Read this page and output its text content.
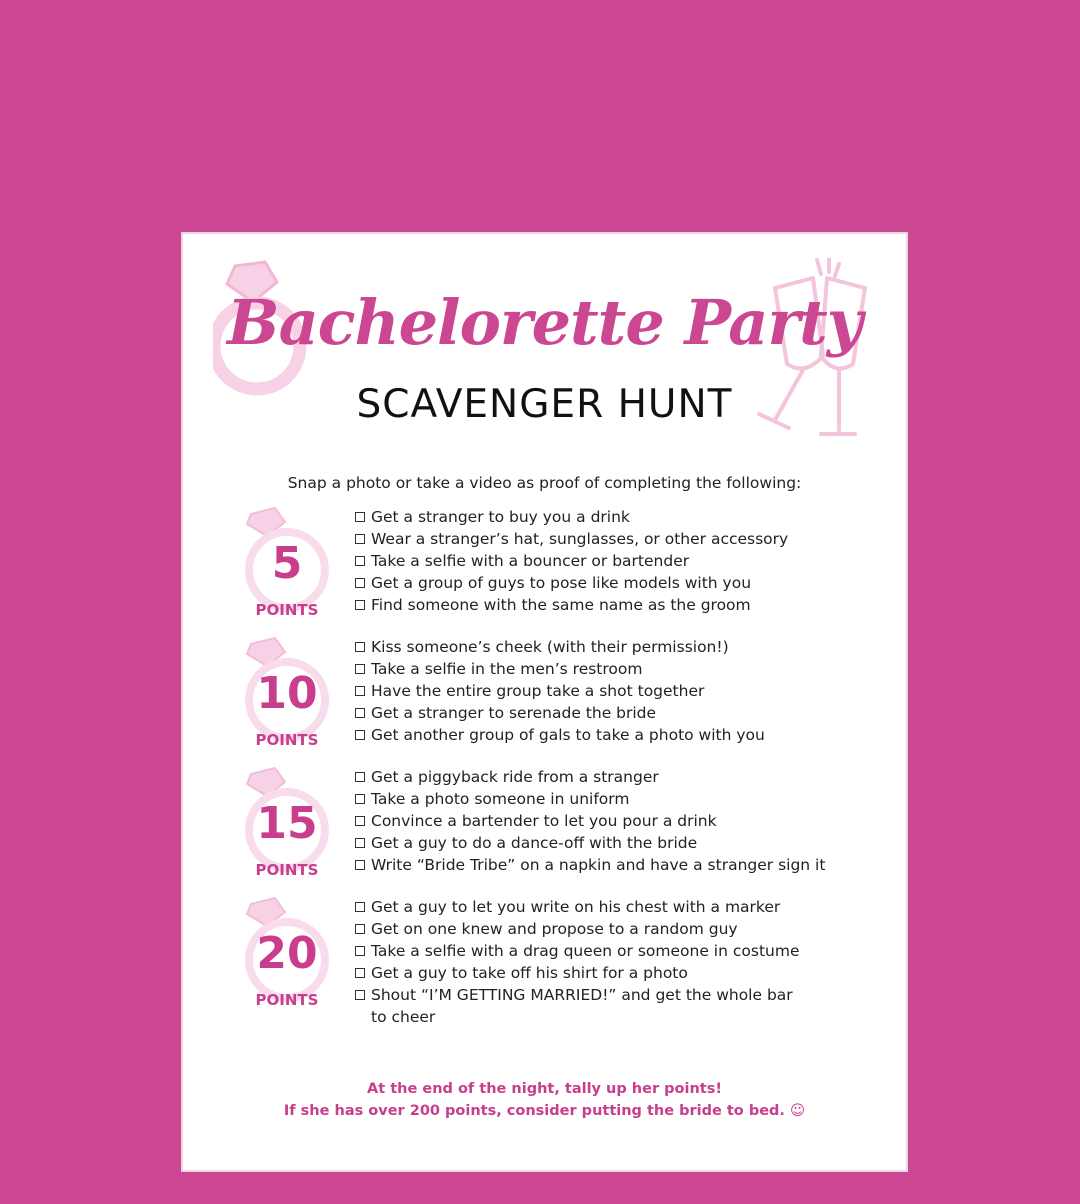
Bachelorette Party
SCAVENGER HUNT
Snap a photo or take a video as proof of completing the following:
5
POINTS
Get a stranger to buy you a drink
Wear a stranger’s hat, sunglasses, or other accessory
Take a selfie with a bouncer or bartender
Get a group of guys to pose like models with you
Find someone with the same name as the groom
10
POINTS
Kiss someone’s cheek (with their permission!)
Take a selfie in the men’s restroom
Have the entire group take a shot together
Get a stranger to serenade the bride
Get another group of gals to take a photo with you
15
POINTS
Get a piggyback ride from a stranger
Take a photo someone in uniform
Convince a bartender to let you pour a drink
Get a guy to do a dance-off with the bride
Write “Bride Tribe” on a napkin and have a stranger sign it
20
POINTS
Get a guy to let you write on his chest with a marker
Get on one knew and propose to a random guy
Take a selfie with a drag queen or someone in costume
Get a guy to take off his shirt for a photo
Shout “I’M GETTING MARRIED!” and get the whole bar to cheer
At the end of the night, tally up her points!
If she has over 200 points, consider putting the bride to bed. ☺
